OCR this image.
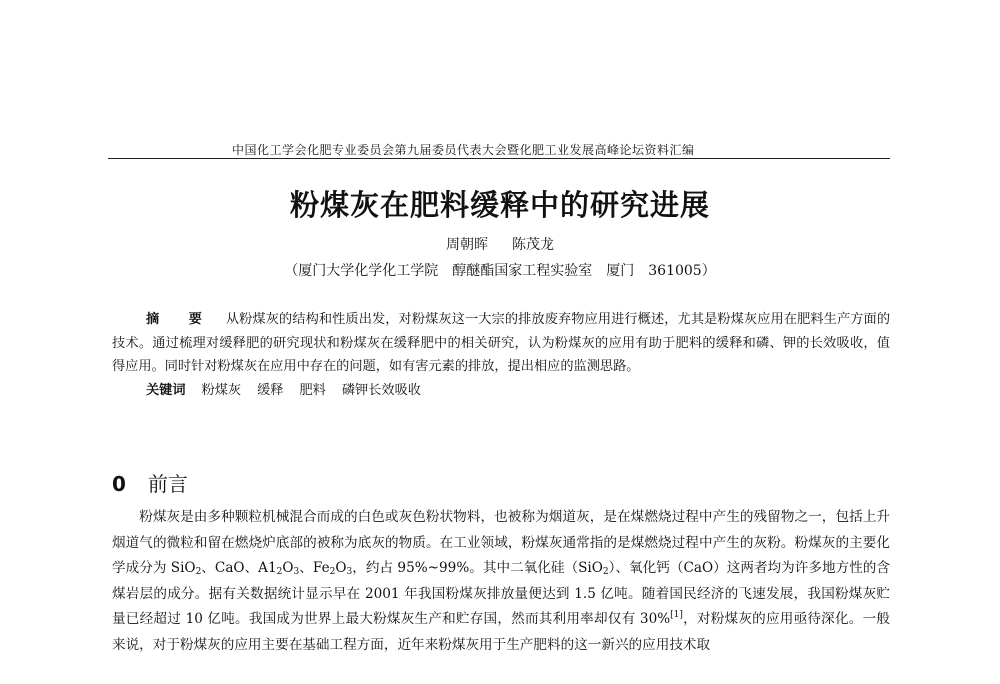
中国化工学会化肥专业委员会第九届委员代表大会暨化肥工业发展高峰论坛资料汇编
粉煤灰在肥料缓释中的研究进展
周朝晖 陈茂龙
（厦门大学化学化工学院　醇醚酯国家工程实验室　厦门　361005）
摘　要 从粉煤灰的结构和性质出发，对粉煤灰这一大宗的排放废弃物应用进行概述，尤其是粉煤灰应用在肥料生产方面的技术。通过梳理对缓释肥的研究现状和粉煤灰在缓释肥中的相关研究，认为粉煤灰的应用有助于肥料的缓释和磷、钾的长效吸收，值得应用。同时针对粉煤灰在应用中存在的问题，如有害元素的排放，提出相应的监测思路。
关键词 粉煤灰 缓释 肥料 磷钾长效吸收
0 前言
粉煤灰是由多种颗粒机械混合而成的白色或灰色粉状物料，也被称为烟道灰，是在煤燃烧过程中产生的残留物之一，包括上升烟道气的微粒和留在燃烧炉底部的被称为底灰的物质。在工业领域，粉煤灰通常指的是煤燃烧过程中产生的灰粉。粉煤灰的主要化学成分为 SiO$_2$、CaO、$A1_2O_3$、$Fe_2O_3$，约占 95%~99%。其中二氧化硅（SiO$_2$）、氧化钙（CaO）这两者均为许多地方性的含煤岩层的成分。据有关数据统计显示早在 2001 年我国粉煤灰排放量便达到 1.5 亿吨。随着国民经济的飞速发展，我国粉煤灰贮量已经超过 10 亿吨。我国成为世界上最大粉煤灰生产和贮存国，然而其利用率却仅有 30%[1]，对粉煤灰的应用亟待深化。一般来说，对于粉煤灰的应用主要在基础工程方面，近年来粉煤灰用于生产肥料的这一新兴的应用技术取
